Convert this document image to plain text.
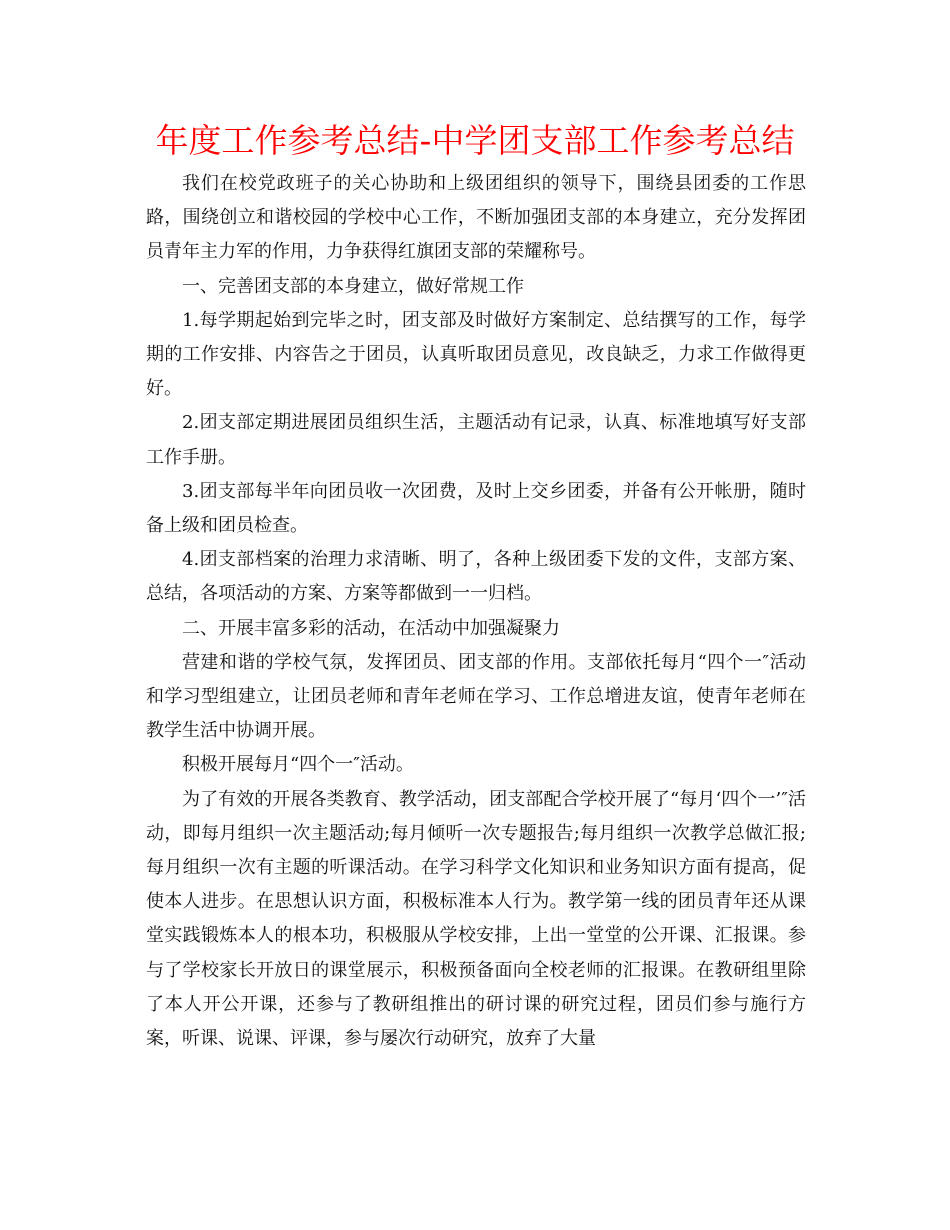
年度工作参考总结-中学团支部工作参考总结

我们在校党政班子的关心协助和上级团组织的领导下，围绕县团委的工作思路，围绕创立和谐校园的学校中心工作，不断加强团支部的本身建立，充分发挥团员青年主力军的作用，力争获得红旗团支部的荣耀称号。

一、完善团支部的本身建立，做好常规工作

1.每学期起始到完毕之时，团支部及时做好方案制定、总结撰写的工作，每学期的工作安排、内容告之于团员，认真听取团员意见，改良缺乏，力求工作做得更好。

2.团支部定期进展团员组织生活，主题活动有记录，认真、标准地填写好支部工作手册。

3.团支部每半年向团员收一次团费，及时上交乡团委，并备有公开帐册，随时备上级和团员检查。

4.团支部档案的治理力求清晰、明了，各种上级团委下发的文件，支部方案、总结，各项活动的方案、方案等都做到一一归档。

二、开展丰富多彩的活动，在活动中加强凝聚力

营建和谐的学校气氛，发挥团员、团支部的作用。支部依托每月“四个一″活动和学习型组建立，让团员老师和青年老师在学习、工作总增进友谊，使青年老师在教学生活中协调开展。

积极开展每月“四个一″活动。

为了有效的开展各类教育、教学活动，团支部配合学校开展了“每月‘四个一’″活动，即每月组织一次主题活动;每月倾听一次专题报告;每月组织一次教学总做汇报;每月组织一次有主题的听课活动。在学习科学文化知识和业务知识方面有提高，促使本人进步。在思想认识方面，积极标准本人行为。教学第一线的团员青年还从课堂实践锻炼本人的根本功，积极服从学校安排，上出一堂堂的公开课、汇报课。参与了学校家长开放日的课堂展示，积极预备面向全校老师的汇报课。在教研组里除了本人开公开课，还参与了教研组推出的研讨课的研究过程，团员们参与施行方案，听课、说课、评课，参与屡次行动研究，放弃了大量
